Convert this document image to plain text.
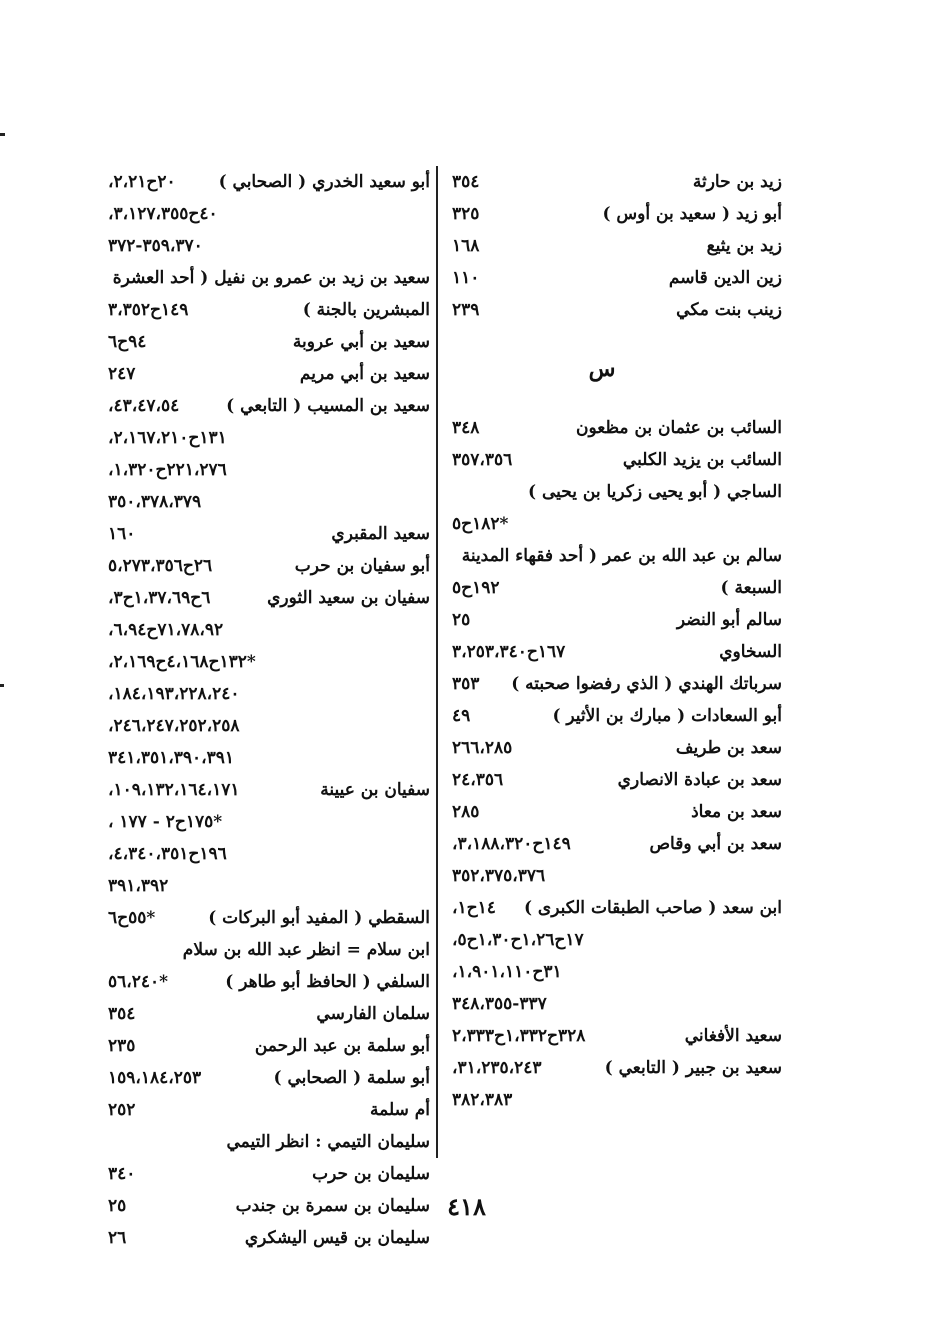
زيد بن حارثة
٣٥٤
أبو زيد ( سعيد بن أوس )
٣٢٥
زيد بن يثيع
١٦٨
زين الدين قاسم
١١٠
زينب بنت مكي
٢٣٩
س
السائب بن عثمان بن مظعون
٣٤٨
السائب بن يزيد الكلبي
٣٥٧،٣٥٦
الساجي ( أبو يحيى زكريا بن يحيى )
*١٨٢ح٥
سالم بن عبد الله بن عمر ( أحد فقهاء المدينة
السبعة )
١٩٢ح٥
سالم أبو النضر
٢٥
السخاوي
١٦٧ح٣،٢٥٣،٣٤٠
سرباتك الهندي ( الذي رفضوا صحبته )
٣٥٣
أبو السعادات ( مبارك بن الأثير )
٤٩
سعد بن طريف
٢٦٦،٢٨٥
سعد بن عبادة الانصاري
٢٤،٣٥٦
سعد بن معاذ
٢٨٥
سعد بن أبي وقاص
١٤٩ح٣،١٨٨،٣٢٠،
٣٥٢،٣٧٥،٣٧٦
ابن سعد ( صاحب الطبقات الكبرى )
١٤ح١،
١٧ح١،٢٦ح١،٣٠ح٥،
٣١ح١،٩٠١،١١٠،
٣٣٧-٣٤٨،٣٥٥
سعيد الأفغاني
٣٢٨ح١،٣٣٢ح٢،٣٣٣
سعيد بن جبير ( التابعي )
٣١،٢٣٥،٢٤٣،
٣٨٢،٣٨٣
أبو سعيد الخدري ( الصحابي )
٢٠ح٢،٢١،
٤٠ح٣،١٢٧،٣٥٥،
٣٥٩،٣٧٠-٣٧٢
سعيد بن زيد بن عمرو بن نفيل ( أحد العشرة
المبشرين بالجنة )
١٤٩ح٣،٣٥٢
سعيد بن أبي عروبة
٩٤ح٦
سعيد بن أبي مريم
٢٤٧
سعيد بن المسيب ( التابعي )
٤٣،٤٧،٥٤،
١٣١ح٢،١٦٧،٢١٠،
٢٢١،٢٧٦ح١،٣٢٠،
٣٥٠،٣٧٨،٣٧٩
سعيد المقبري
١٦٠
أبو سفيان بن حرب
٢٦ح٥،٢٧٣،٣٥٦
سفيان بن سعيد الثوري
٦ح١،٣٧،٦٩ح٣،
٧١،٧٨،٩٢ح٦،٩٤،
*١٣٢ح٤،١٦٨ح٢،١٦٩،
١٨٤،١٩٣،٢٢٨،٢٤٠،
٢٤٦،٢٤٧،٢٥٢،٢٥٨،
٣٤١،٣٥١،٣٩٠،٣٩١
سفيان بن عيينة
١٠٩،١٣٢،١٦٤،١٧١،
*١٧٥ح٢ - ١٧٧ ،
١٩٦ح٤،٣٤٠،٣٥١،
٣٩١،٣٩٢
السقطي ( المفيد أبو البركات )
*٥٥ح٦
ابن سلام = انظر عبد الله بن سلام
السلفي ( الحافظ أبو طاهر )
*٥٦،٢٤٠
سلمان الفارسي
٣٥٤
أبو سلمة بن عبد الرحمن
٢٣٥
أبو سلمة ( الصحابي )
١٥٩،١٨٤،٢٥٣
أم سلمة
٢٥٢
سليمان التيمي : انظر التيمي
سليمان بن حرب
٣٤٠
سليمان بن سمرة بن جندب
٢٥
سليمان بن قيس اليشكري
٢٦
٤١٨
